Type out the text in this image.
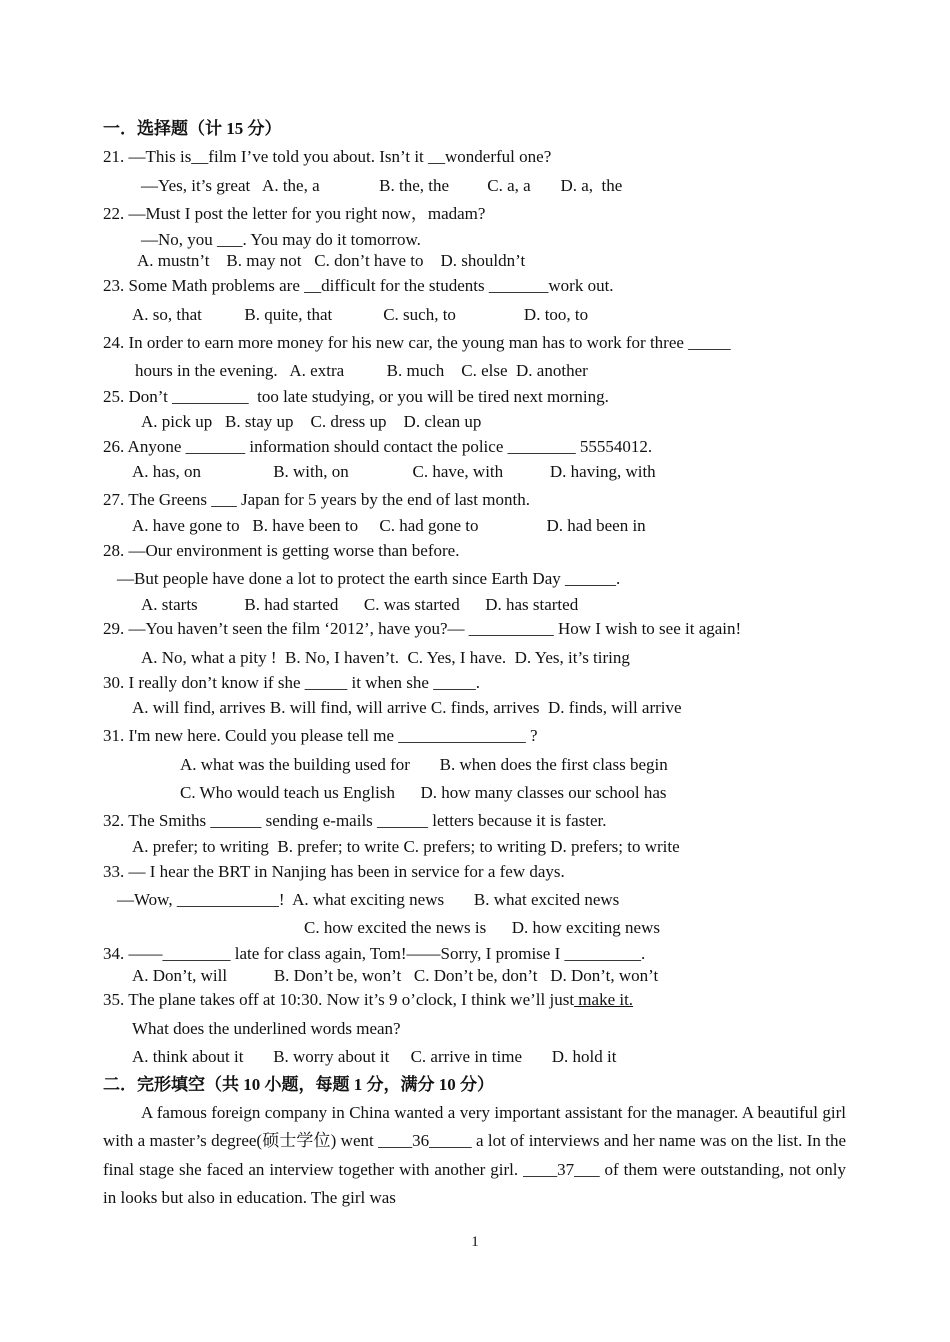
一．选择题（计 15 分）
21. —This is__film I’ve told you about. Isn’t it __wonderful one?
—Yes, it’s great   A. the, a              B. the, the         C. a, a       D. a,  the
22. —Must I post the letter for you right now，madam?
—No, you ___. You may do it tomorrow.
A. mustn’t    B. may not   C. don’t have to    D. shouldn’t
23. Some Math problems are __difficult for the students _______work out.
A. so, that          B. quite, that            C. such, to                D. too, to
24. In order to earn more money for his new car, the young man has to work for three _____
hours in the evening.   A. extra          B. much    C. else  D. another
25. Don’t _________  too late studying, or you will be tired next morning.
A. pick up   B. stay up    C. dress up    D. clean up
26. Anyone _______ information should contact the police ________ 55554012.
A. has, on                 B. with, on               C. have, with           D. having, with
27. The Greens ___ Japan for 5 years by the end of last month.
A. have gone to   B. have been to     C. had gone to                D. had been in
28. —Our environment is getting worse than before.
—But people have done a lot to protect the earth since Earth Day ______.
A. starts           B. had started      C. was started      D. has started
29. —You haven’t seen the film ‘2012’, have you?— __________ How I wish to see it again!
A. No, what a pity !  B. No, I haven’t.  C. Yes, I have.  D. Yes, it’s tiring
30. I really don’t know if she _____ it when she _____.
A. will find, arrives B. will find, will arrive C. finds, arrives  D. finds, will arrive
31. I'm new here. Could you please tell me _______________ ?
A. what was the building used for       B. when does the first class begin
C. Who would teach us English      D. how many classes our school has
32. The Smiths ______ sending e-mails ______ letters because it is faster.
A. prefer; to writing  B. prefer; to write C. prefers; to writing D. prefers; to write
33. — I hear the BRT in Nanjing has been in service for a few days.
—Wow, ____________!  A. what exciting news       B. what excited news
C. how excited the news is      D. how exciting news
34. ——________ late for class again, Tom!——Sorry, I promise I _________.
A. Don’t, will           B. Don’t be, won’t   C. Don’t be, don’t   D. Don’t, won’t
35. The plane takes off at 10:30. Now it’s 9 o’clock, I think we’ll just make it.
What does the underlined words mean?
A. think about it       B. worry about it     C. arrive in time       D. hold it
二．完形填空（共 10 小题，每题 1 分，满分 10 分）

A famous foreign company in China wanted a very important assistant for the manager. A beautiful girl with a master’s degree(硕士学位) went ____36_____ a lot of interviews and her name was on the list. In the final stage she faced an interview together with another girl. ____37___ of them were outstanding, not only in looks but also in education. The girl was

1
